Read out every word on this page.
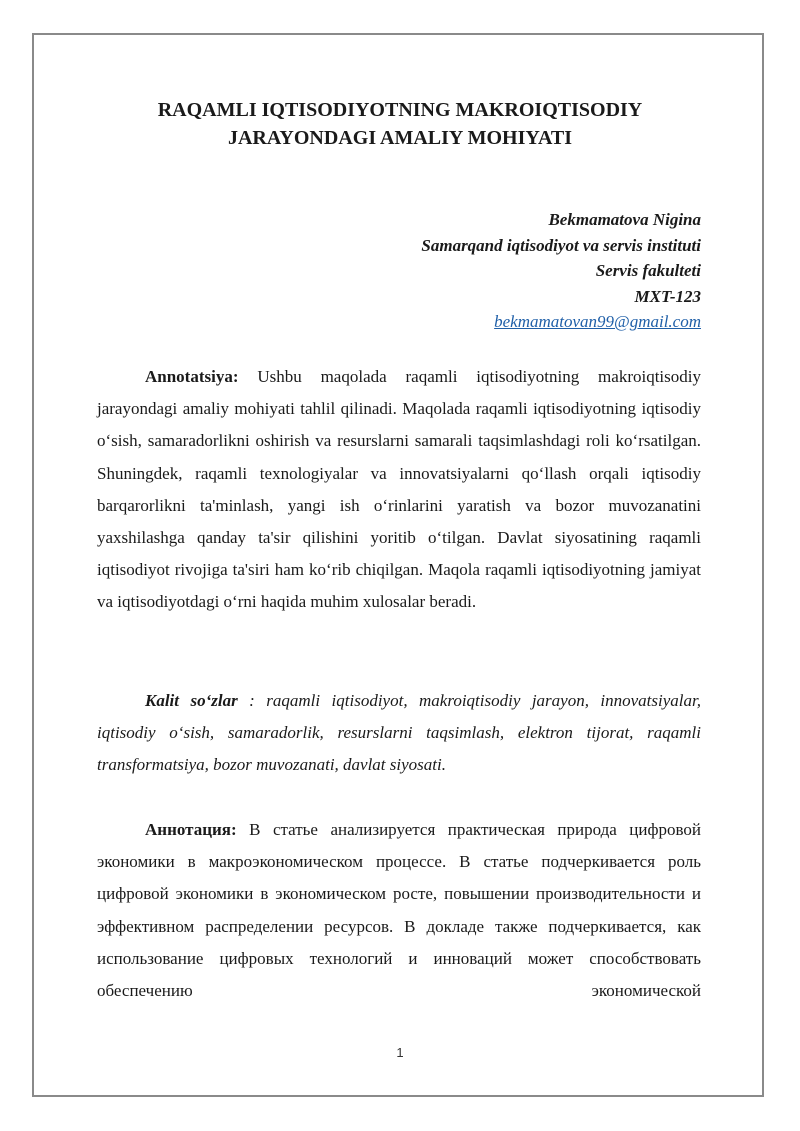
RAQAMLI IQTISODIYOTNING MAKROIQTISODIY
JARAYONDAGI AMALIY MOHIYATI
Bekmamatova Nigina
Samarqand iqtisodiyot va servis instituti
Servis fakulteti
MXT-123
bekmamatovan99@gmail.com

Annotatsiya: Ushbu maqolada raqamli iqtisodiyotning makroiqtisodiy jarayondagi amaliy mohiyati tahlil qilinadi. Maqolada raqamli iqtisodiyotning iqtisodiy o‘sish, samaradorlikni oshirish va resurslarni samarali taqsimlashdagi roli ko‘rsatilgan. Shuningdek, raqamli texnologiyalar va innovatsiyalarni qo‘llash orqali iqtisodiy barqarorlikni ta'minlash, yangi ish o‘rinlarini yaratish va bozor muvozanatini yaxshilashga qanday ta'sir qilishini yoritib o‘tilgan. Davlat siyosatining raqamli iqtisodiyot rivojiga ta'siri ham ko‘rib chiqilgan. Maqola raqamli iqtisodiyotning jamiyat va iqtisodiyotdagi o‘rni haqida muhim xulosalar beradi.

Kalit so‘zlar : raqamli iqtisodiyot, makroiqtisodiy jarayon, innovatsiyalar, iqtisodiy o‘sish, samaradorlik, resurslarni taqsimlash, elektron tijorat, raqamli transformatsiya, bozor muvozanati, davlat siyosati.

Аннотация: В статье анализируется практическая природа цифровой экономики в макроэкономическом процессе. В статье подчеркивается роль цифровой экономики в экономическом росте, повышении производительности и эффективном распределении ресурсов. В докладе также подчеркивается, как использование цифровых технологий и инноваций может способствовать обеспечению экономической

1
